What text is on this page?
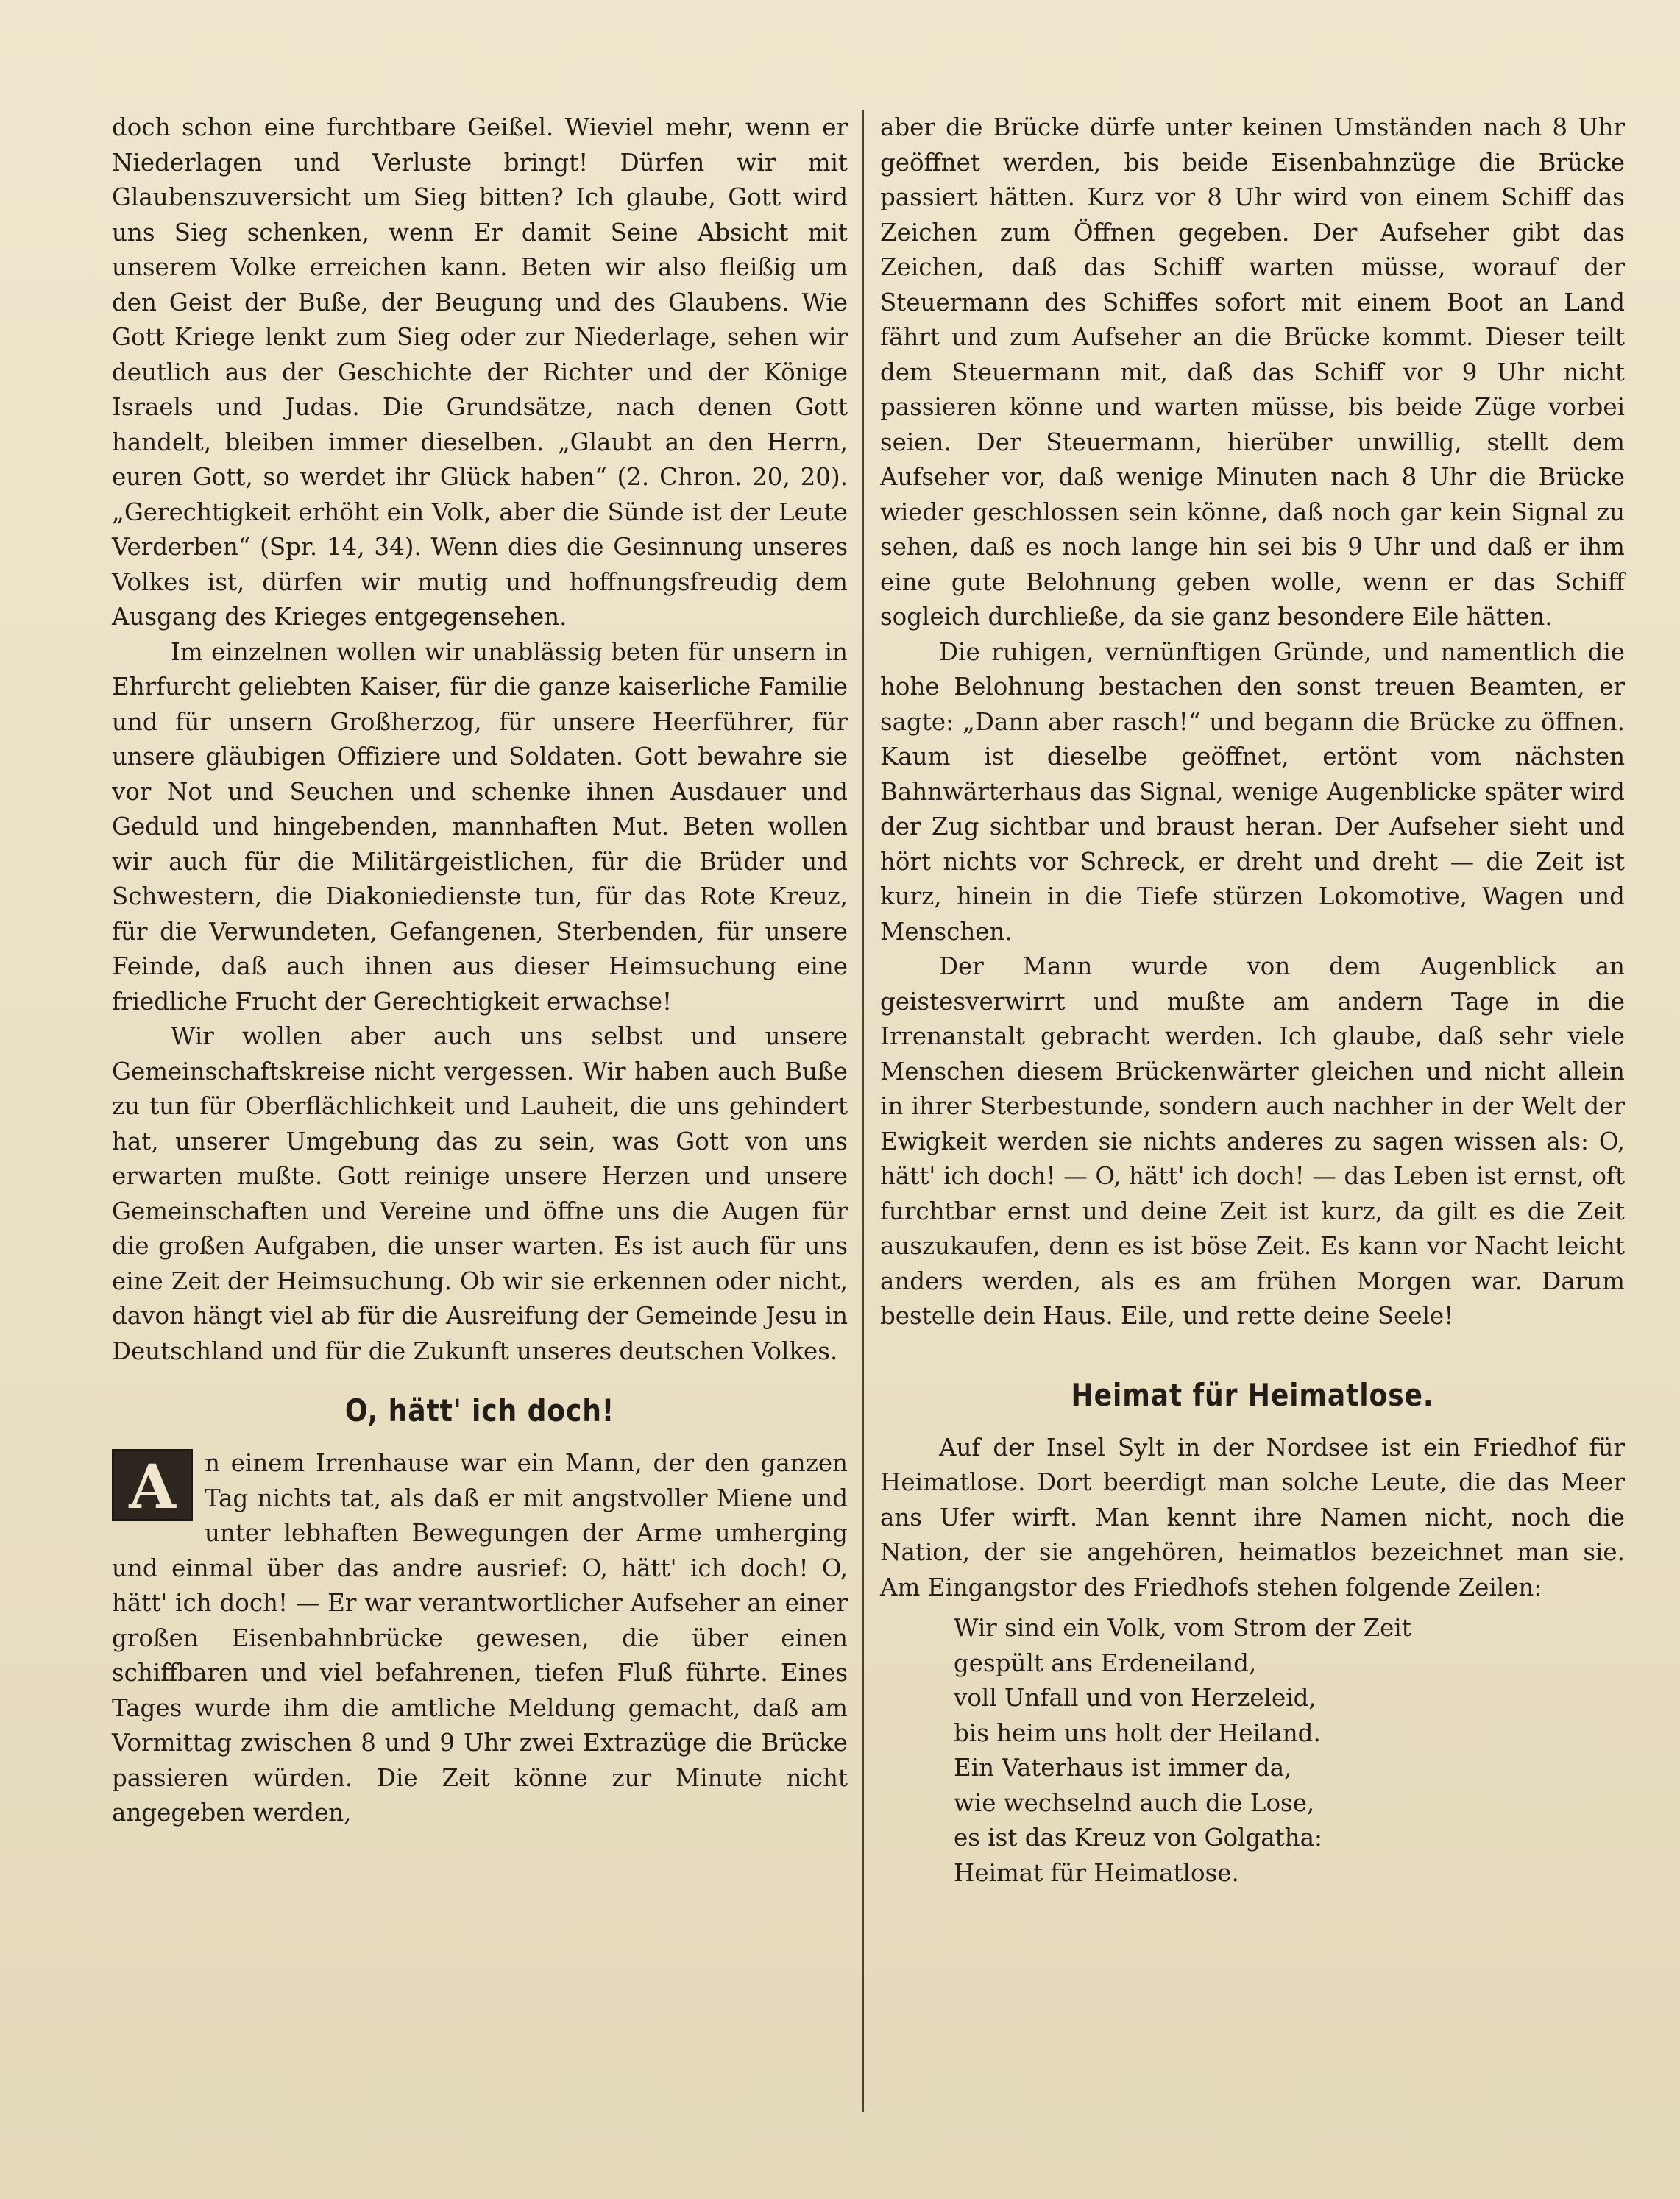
doch schon eine furchtbare Geißel. Wieviel mehr, wenn er Niederlagen und Verluste bringt! Dürfen wir mit Glaubenszuversicht um Sieg bitten? Ich glaube, Gott wird uns Sieg schenken, wenn Er damit Seine Absicht mit unserem Volke erreichen kann. Beten wir also fleißig um den Geist der Buße, der Beugung und des Glaubens. Wie Gott Kriege lenkt zum Sieg oder zur Niederlage, sehen wir deutlich aus der Geschichte der Richter und der Könige Israels und Judas. Die Grundsätze, nach denen Gott handelt, bleiben immer dieselben. „Glaubt an den Herrn, euren Gott, so werdet ihr Glück haben“ (2. Chron. 20, 20). „Gerechtigkeit erhöht ein Volk, aber die Sünde ist der Leute Verderben“ (Spr. 14, 34). Wenn dies die Gesinnung unseres Volkes ist, dürfen wir mutig und hoffnungsfreudig dem Ausgang des Krieges entgegensehen.

Im einzelnen wollen wir unablässig beten für unsern in Ehrfurcht geliebten Kaiser, für die ganze kaiserliche Familie und für unsern Großherzog, für unsere Heerführer, für unsere gläubigen Offiziere und Soldaten. Gott bewahre sie vor Not und Seuchen und schenke ihnen Ausdauer und Geduld und hingebenden, mannhaften Mut. Beten wollen wir auch für die Militärgeistlichen, für die Brüder und Schwestern, die Diakoniedienste tun, für das Rote Kreuz, für die Verwundeten, Gefangenen, Sterbenden, für unsere Feinde, daß auch ihnen aus dieser Heimsuchung eine friedliche Frucht der Gerechtigkeit erwachse!

Wir wollen aber auch uns selbst und unsere Gemeinschaftskreise nicht vergessen. Wir haben auch Buße zu tun für Oberflächlichkeit und Lauheit, die uns gehindert hat, unserer Umgebung das zu sein, was Gott von uns erwarten mußte. Gott reinige unsere Herzen und unsere Gemeinschaften und Vereine und öffne uns die Augen für die großen Aufgaben, die unser warten. Es ist auch für uns eine Zeit der Heimsuchung. Ob wir sie erkennen oder nicht, davon hängt viel ab für die Ausreifung der Gemeinde Jesu in Deutschland und für die Zukunft unseres deutschen Volkes.

O, hätt' ich doch!
A	n einem Irrenhause war ein Mann, der den ganzen Tag nichts tat, als daß er mit angstvoller Miene und unter lebhaften Bewegungen der Arme umherging und einmal über das andre ausrief: O, hätt' ich doch! O, hätt' ich doch! — Er war verantwortlicher Aufseher an einer großen Eisenbahnbrücke gewesen, die über einen schiffbaren und viel befahrenen, tiefen Fluß führte. Eines Tages wurde ihm die amtliche Meldung gemacht, daß am Vormittag zwischen 8 und 9 Uhr zwei Extrazüge die Brücke passieren würden. Die Zeit könne zur Minute nicht angegeben werden,

aber die Brücke dürfe unter keinen Umständen nach 8 Uhr geöffnet werden, bis beide Eisenbahnzüge die Brücke passiert hätten. Kurz vor 8 Uhr wird von einem Schiff das Zeichen zum Öffnen gegeben. Der Aufseher gibt das Zeichen, daß das Schiff warten müsse, worauf der Steuermann des Schiffes sofort mit einem Boot an Land fährt und zum Aufseher an die Brücke kommt. Dieser teilt dem Steuermann mit, daß das Schiff vor 9 Uhr nicht passieren könne und warten müsse, bis beide Züge vorbei seien. Der Steuermann, hierüber unwillig, stellt dem Aufseher vor, daß wenige Minuten nach 8 Uhr die Brücke wieder geschlossen sein könne, daß noch gar kein Signal zu sehen, daß es noch lange hin sei bis 9 Uhr und daß er ihm eine gute Belohnung geben wolle, wenn er das Schiff sogleich durchließe, da sie ganz besondere Eile hätten.

Die ruhigen, vernünftigen Gründe, und namentlich die hohe Belohnung bestachen den sonst treuen Beamten, er sagte: „Dann aber rasch!“ und begann die Brücke zu öffnen. Kaum ist dieselbe geöffnet, ertönt vom nächsten Bahnwärterhaus das Signal, wenige Augenblicke später wird der Zug sichtbar und braust heran. Der Aufseher sieht und hört nichts vor Schreck, er dreht und dreht — die Zeit ist kurz, hinein in die Tiefe stürzen Lokomotive, Wagen und Menschen.

Der Mann wurde von dem Augenblick an geistesverwirrt und mußte am andern Tage in die Irrenanstalt gebracht werden. Ich glaube, daß sehr viele Menschen diesem Brückenwärter gleichen und nicht allein in ihrer Sterbestunde, sondern auch nachher in der Welt der Ewigkeit werden sie nichts anderes zu sagen wissen als: O, hätt' ich doch! — O, hätt' ich doch! — das Leben ist ernst, oft furchtbar ernst und deine Zeit ist kurz, da gilt es die Zeit auszukaufen, denn es ist böse Zeit. Es kann vor Nacht leicht anders werden, als es am frühen Morgen war. Darum bestelle dein Haus. Eile, und rette deine Seele!

Heimat für Heimatlose.

Auf der Insel Sylt in der Nordsee ist ein Friedhof für Heimatlose. Dort beerdigt man solche Leute, die das Meer ans Ufer wirft. Man kennt ihre Namen nicht, noch die Nation, der sie angehören, heimatlos bezeichnet man sie. Am Eingangstor des Friedhofs stehen folgende Zeilen:

Wir sind ein Volk, vom Strom der Zeit

gespült ans Erdeneiland,

voll Unfall und von Herzeleid,

bis heim uns holt der Heiland.

Ein Vaterhaus ist immer da,

wie wechselnd auch die Lose,

es ist das Kreuz von Golgatha:

Heimat für Heimatlose.
